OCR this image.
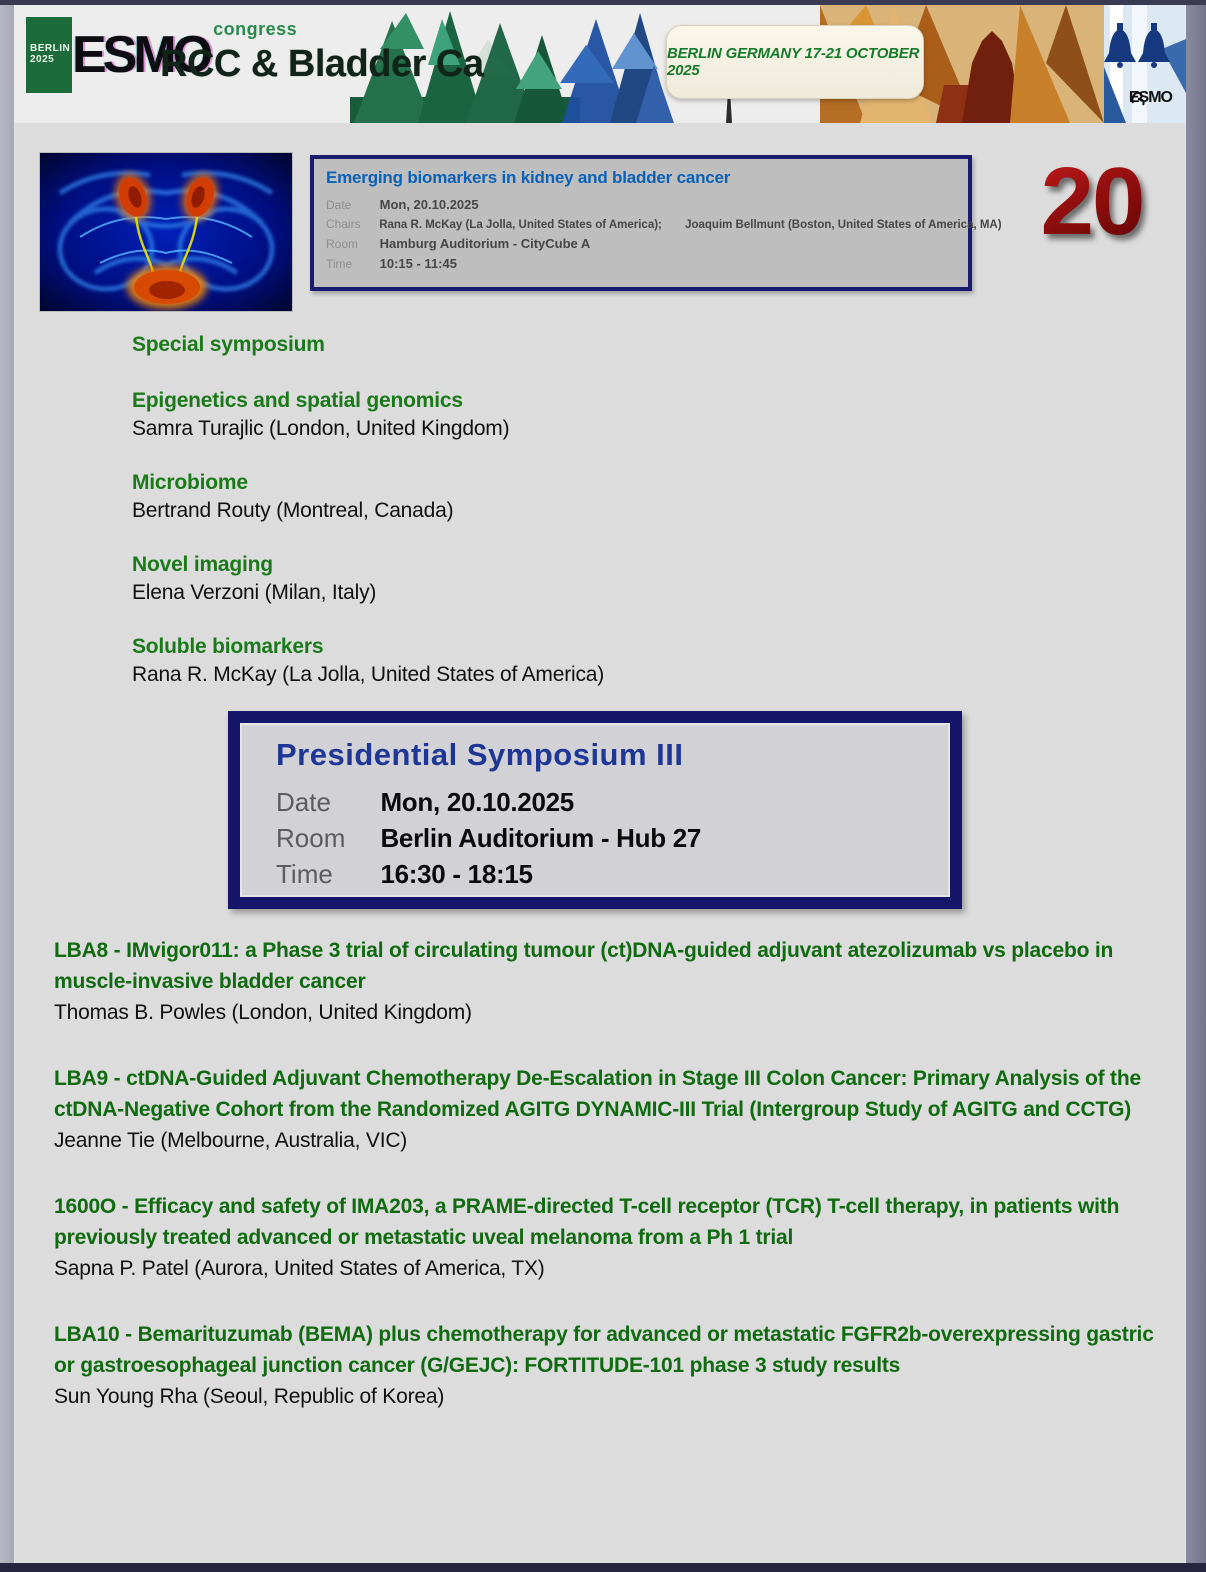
BERLIN
2025 ESMO congress
RCC & Bladder Ca	BERLIN GERMANY 17-21 OCTOBER 2025
ESMO
Emerging biomarkers in kidney and bladder cancer
Date Mon, 20.10.2025
Chairs Rana R. McKay (La Jolla, United States of America); Joaquim Bellmunt (Boston, United States of America, MA)
Room Hamburg Auditorium - CityCube A
Time 10:15 - 11:45
20
Special symposium
Epigenetics and spatial genomics
Samra Turajlic (London, United Kingdom)
Microbiome
Bertrand Routy (Montreal, Canada)
Novel imaging
Elena Verzoni (Milan, Italy)
Soluble biomarkers
Rana R. McKay (La Jolla, United States of America)
Presidential Symposium III
Date Mon, 20.10.2025
Room Berlin Auditorium - Hub 27
Time 16:30 - 18:15
LBA8 - IMvigor011: a Phase 3 trial of circulating tumour (ct)DNA-guided adjuvant atezolizumab vs placebo in muscle-invasive bladder cancer
Thomas B. Powles (London, United Kingdom)
LBA9 - ctDNA-Guided Adjuvant Chemotherapy De-Escalation in Stage III Colon Cancer: Primary Analysis of the ctDNA-Negative Cohort from the Randomized AGITG DYNAMIC-III Trial (Intergroup Study of AGITG and CCTG)
Jeanne Tie (Melbourne, Australia, VIC)
1600O - Efficacy and safety of IMA203, a PRAME-directed T-cell receptor (TCR) T-cell therapy, in patients with previously treated advanced or metastatic uveal melanoma from a Ph 1 trial
Sapna P. Patel (Aurora, United States of America, TX)
LBA10 - Bemarituzumab (BEMA) plus chemotherapy for advanced or metastatic FGFR2b-overexpressing gastric or gastroesophageal junction cancer (G/GEJC): FORTITUDE-101 phase 3 study results
Sun Young Rha (Seoul, Republic of Korea)
